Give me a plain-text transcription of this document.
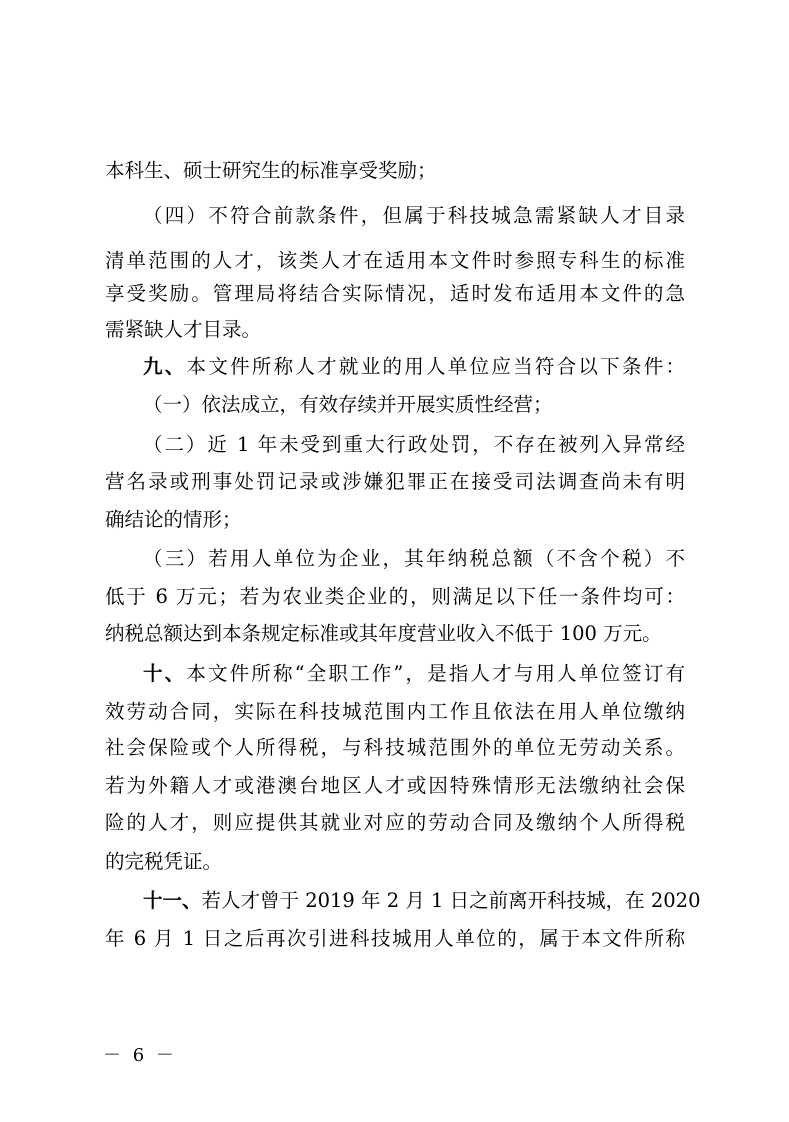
本科生、硕士研究生的标准享受奖励；
（四）不符合前款条件，但属于科技城急需紧缺人才目录
清单范围的人才，该类人才在适用本文件时参照专科生的标准
享受奖励。管理局将结合实际情况，适时发布适用本文件的急
需紧缺人才目录。
九、本文件所称人才就业的用人单位应当符合以下条件：
（一）依法成立，有效存续并开展实质性经营；
（二）近 1 年未受到重大行政处罚，不存在被列入异常经
营名录或刑事处罚记录或涉嫌犯罪正在接受司法调查尚未有明
确结论的情形；
（三）若用人单位为企业，其年纳税总额（不含个税）不
低于 6 万元；若为农业类企业的，则满足以下任一条件均可：
纳税总额达到本条规定标准或其年度营业收入不低于 100 万元。
十、本文件所称“全职工作”，是指人才与用人单位签订有
效劳动合同，实际在科技城范围内工作且依法在用人单位缴纳
社会保险或个人所得税，与科技城范围外的单位无劳动关系。
若为外籍人才或港澳台地区人才或因特殊情形无法缴纳社会保
险的人才，则应提供其就业对应的劳动合同及缴纳个人所得税
的完税凭证。
十一、若人才曾于 2019 年 2 月 1 日之前离开科技城，在 2020
年 6 月 1 日之后再次引进科技城用人单位的，属于本文件所称
－ 6 －
